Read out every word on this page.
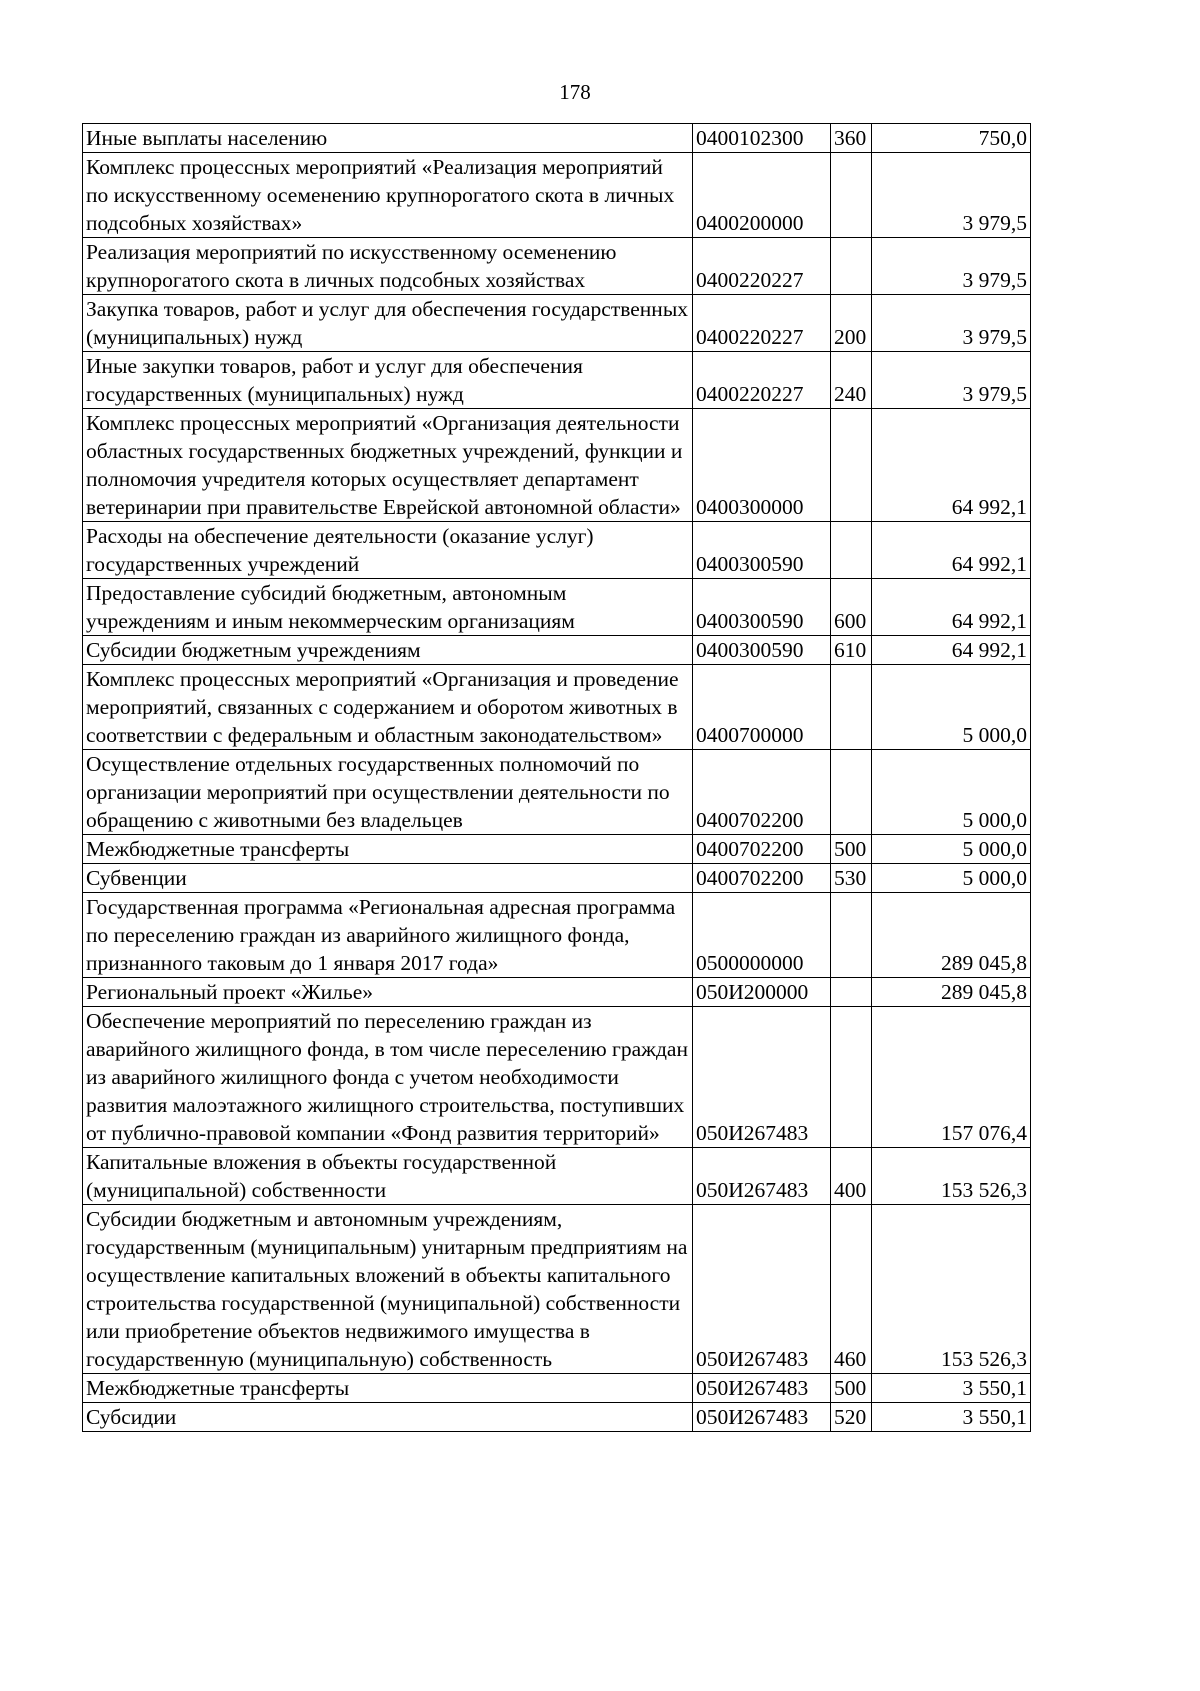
178
Иные выплаты населению	0400102300	360	750,0
Комплекс процессных мероприятий «Реализация мероприятий по искусственному осеменению крупнорогатого скота в личных подсобных хозяйствах»	0400200000		3 979,5
Реализация мероприятий по искусственному осеменению крупнорогатого скота в личных подсобных хозяйствах	0400220227		3 979,5
Закупка товаров, работ и услуг для обеспечения государственных (муниципальных) нужд	0400220227	200	3 979,5
Иные закупки товаров, работ и услуг для обеспечения государственных (муниципальных) нужд	0400220227	240	3 979,5
Комплекс процессных мероприятий «Организация деятельности областных государственных бюджетных учреждений, функции и полномочия учредителя которых осуществляет департамент ветеринарии при правительстве Еврейской автономной области»	0400300000		64 992,1
Расходы на обеспечение деятельности (оказание услуг) государственных учреждений	0400300590		64 992,1
Предоставление субсидий бюджетным, автономным учреждениям и иным некоммерческим организациям	0400300590	600	64 992,1
Субсидии бюджетным учреждениям	0400300590	610	64 992,1
Комплекс процессных мероприятий «Организация и проведение мероприятий, связанных с содержанием и оборотом животных в соответствии с федеральным и областным законодательством»	0400700000		5 000,0
Осуществление отдельных государственных полномочий по организации мероприятий при осуществлении деятельности по обращению с животными без владельцев	0400702200		5 000,0
Межбюджетные трансферты	0400702200	500	5 000,0
Субвенции	0400702200	530	5 000,0
Государственная программа «Региональная адресная программа по переселению граждан из аварийного жилищного фонда, признанного таковым до 1 января 2017 года»	0500000000		289 045,8
Региональный проект «Жилье»	050И200000		289 045,8
Обеспечение мероприятий по переселению граждан из аварийного жилищного фонда, в том числе переселению граждан из аварийного жилищного фонда с учетом необходимости развития малоэтажного жилищного строительства, поступивших от публично-правовой компании «Фонд развития территорий»	050И267483		157 076,4
Капитальные вложения в объекты государственной (муниципальной) собственности	050И267483	400	153 526,3
Субсидии бюджетным и автономным учреждениям, государственным (муниципальным) унитарным предприятиям на осуществление капитальных вложений в объекты капитального строительства государственной (муниципальной) собственности или приобретение объектов недвижимого имущества в государственную (муниципальную) собственность	050И267483	460	153 526,3
Межбюджетные трансферты	050И267483	500	3 550,1
Субсидии	050И267483	520	3 550,1
